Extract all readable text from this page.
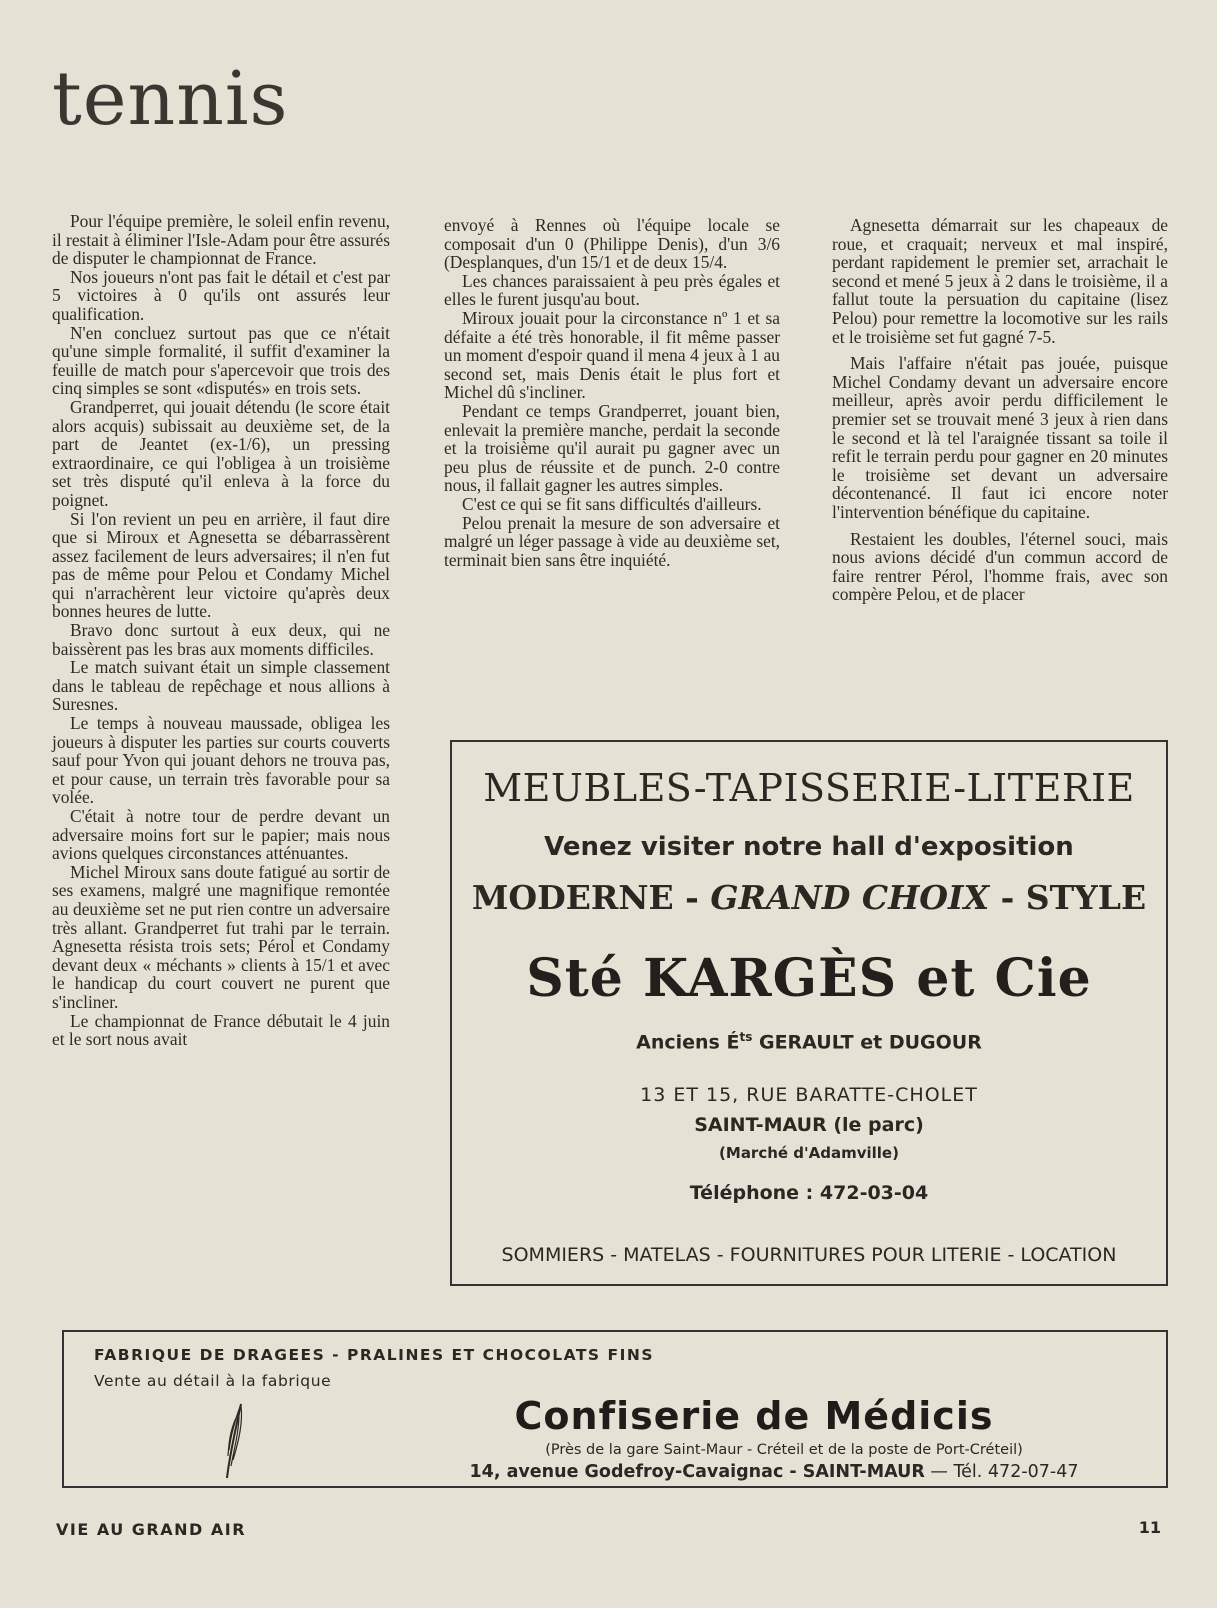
tennis

Pour l'équipe première, le soleil enfin revenu, il restait à éliminer l'Isle-Adam pour être assurés de disputer le championnat de France.

Nos joueurs n'ont pas fait le détail et c'est par 5 victoires à 0 qu'ils ont assurés leur qualification.

N'en concluez surtout pas que ce n'était qu'une simple formalité, il suffit d'examiner la feuille de match pour s'apercevoir que trois des cinq simples se sont «disputés» en trois sets.

Grandperret, qui jouait détendu (le score était alors acquis) subissait au deuxième set, de la part de Jeantet (ex-1/6), un pressing extraordinaire, ce qui l'obligea à un troisième set très disputé qu'il enleva à la force du poignet.

Si l'on revient un peu en arrière, il faut dire que si Miroux et Agnesetta se débarrassèrent assez facilement de leurs adversaires; il n'en fut pas de même pour Pelou et Condamy Michel qui n'arrachèrent leur victoire qu'après deux bonnes heures de lutte.

Bravo donc surtout à eux deux, qui ne baissèrent pas les bras aux moments difficiles.

Le match suivant était un simple classement dans le tableau de repêchage et nous allions à Suresnes.

Le temps à nouveau maussade, obligea les joueurs à disputer les parties sur courts couverts sauf pour Yvon qui jouant dehors ne trouva pas, et pour cause, un terrain très favorable pour sa volée.

C'était à notre tour de perdre devant un adversaire moins fort sur le papier; mais nous avions quelques circonstances atténuantes.

Michel Miroux sans doute fatigué au sortir de ses examens, malgré une magnifique remontée au deuxième set ne put rien contre un adversaire très allant. Grandperret fut trahi par le terrain. Agnesetta résista trois sets; Pérol et Condamy devant deux « méchants » clients à 15/1 et avec le handicap du court couvert ne purent que s'incliner.

Le championnat de France débutait le 4 juin et le sort nous avait

envoyé à Rennes où l'équipe locale se composait d'un 0 (Philippe Denis), d'un 3/6 (Desplanques, d'un 15/1 et de deux 15/4.

Les chances paraissaient à peu près égales et elles le furent jusqu'au bout.

Miroux jouait pour la circonstance nº 1 et sa défaite a été très honorable, il fit même passer un moment d'espoir quand il mena 4 jeux à 1 au second set, mais Denis était le plus fort et Michel dû s'incliner.

Pendant ce temps Grandperret, jouant bien, enlevait la première manche, perdait la seconde et la troisième qu'il aurait pu gagner avec un peu plus de réussite et de punch. 2-0 contre nous, il fallait gagner les autres simples.

C'est ce qui se fit sans difficultés d'ailleurs.

Pelou prenait la mesure de son adversaire et malgré un léger passage à vide au deuxième set, terminait bien sans être inquiété.

Agnesetta démarrait sur les chapeaux de roue, et craquait; nerveux et mal inspiré, perdant rapidement le premier set, arrachait le second et mené 5 jeux à 2 dans le troisième, il a fallut toute la persuation du capitaine (lisez Pelou) pour remettre la locomotive sur les rails et le troisième set fut gagné 7-5.

Mais l'affaire n'était pas jouée, puisque Michel Condamy devant un adversaire encore meilleur, après avoir perdu difficilement le premier set se trouvait mené 3 jeux à rien dans le second et là tel l'araignée tissant sa toile il refit le terrain perdu pour gagner en 20 minutes le troisième set devant un adversaire décontenancé. Il faut ici encore noter l'intervention bénéfique du capitaine.

Restaient les doubles, l'éternel souci, mais nous avions décidé d'un commun accord de faire rentrer Pérol, l'homme frais, avec son compère Pelou, et de placer

MEUBLES-TAPISSERIE-LITERIE
Venez visiter notre hall d'exposition
MODERNE - GRAND CHOIX - STYLE
Sté KARGÈS et Cie
Anciens $É^{ts}$ GERAULT et DUGOUR
13 ET 15, RUE BARATTE-CHOLET
SAINT-MAUR (le parc)
(Marché d'Adamville)
Téléphone : 472-03-04
SOMMIERS - MATELAS - FOURNITURES POUR LITERIE - LOCATION
FABRIQUE DE DRAGEES - PRALINES ET CHOCOLATS FINS
Vente au détail à la fabrique
Confiserie de Médicis
(Près de la gare Saint-Maur - Créteil et de la poste de Port-Créteil)
14, avenue Godefroy-Cavaignac - SAINT-MAUR — Tél. 472-07-47
VIE AU GRAND AIR	11
